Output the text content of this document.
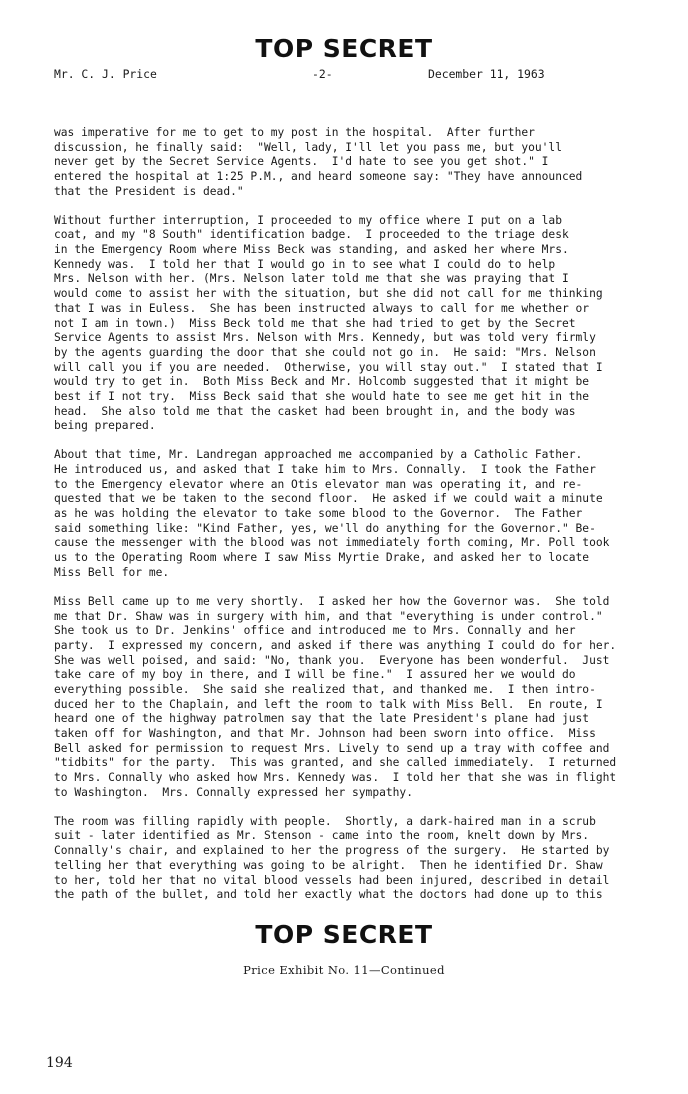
TOP SECRET
Mr. C. J. Price	-2-	December 11, 1963
was imperative for me to get to my post in the hospital.  After further
discussion, he finally said:  "Well, lady, I'll let you pass me, but you'll
never get by the Secret Service Agents.  I'd hate to see you get shot." I
entered the hospital at 1:25 P.M., and heard someone say: "They have announced
that the President is dead."
Without further interruption, I proceeded to my office where I put on a lab
coat, and my "8 South" identification badge.  I proceeded to the triage desk
in the Emergency Room where Miss Beck was standing, and asked her where Mrs.
Kennedy was.  I told her that I would go in to see what I could do to help
Mrs. Nelson with her. (Mrs. Nelson later told me that she was praying that I
would come to assist her with the situation, but she did not call for me thinking
that I was in Euless.  She has been instructed always to call for me whether or
not I am in town.)  Miss Beck told me that she had tried to get by the Secret
Service Agents to assist Mrs. Nelson with Mrs. Kennedy, but was told very firmly
by the agents guarding the door that she could not go in.  He said: "Mrs. Nelson
will call you if you are needed.  Otherwise, you will stay out."  I stated that I
would try to get in.  Both Miss Beck and Mr. Holcomb suggested that it might be
best if I not try.  Miss Beck said that she would hate to see me get hit in the
head.  She also told me that the casket had been brought in, and the body was
being prepared.
About that time, Mr. Landregan approached me accompanied by a Catholic Father.
He introduced us, and asked that I take him to Mrs. Connally.  I took the Father
to the Emergency elevator where an Otis elevator man was operating it, and re-
quested that we be taken to the second floor.  He asked if we could wait a minute
as he was holding the elevator to take some blood to the Governor.  The Father
said something like: "Kind Father, yes, we'll do anything for the Governor." Be-
cause the messenger with the blood was not immediately forth coming, Mr. Poll took
us to the Operating Room where I saw Miss Myrtie Drake, and asked her to locate
Miss Bell for me.
Miss Bell came up to me very shortly.  I asked her how the Governor was.  She told
me that Dr. Shaw was in surgery with him, and that "everything is under control."
She took us to Dr. Jenkins' office and introduced me to Mrs. Connally and her
party.  I expressed my concern, and asked if there was anything I could do for her.
She was well poised, and said: "No, thank you.  Everyone has been wonderful.  Just
take care of my boy in there, and I will be fine."  I assured her we would do
everything possible.  She said she realized that, and thanked me.  I then intro-
duced her to the Chaplain, and left the room to talk with Miss Bell.  En route, I
heard one of the highway patrolmen say that the late President's plane had just
taken off for Washington, and that Mr. Johnson had been sworn into office.  Miss
Bell asked for permission to request Mrs. Lively to send up a tray with coffee and
"tidbits" for the party.  This was granted, and she called immediately.  I returned
to Mrs. Connally who asked how Mrs. Kennedy was.  I told her that she was in flight
to Washington.  Mrs. Connally expressed her sympathy.
The room was filling rapidly with people.  Shortly, a dark-haired man in a scrub
suit - later identified as Mr. Stenson - came into the room, knelt down by Mrs.
Connally's chair, and explained to her the progress of the surgery.  He started by
telling her that everything was going to be alright.  Then he identified Dr. Shaw
to her, told her that no vital blood vessels had been injured, described in detail
the path of the bullet, and told her exactly what the doctors had done up to this
TOP SECRET
Price Exhibit No. 11—Continued
194
